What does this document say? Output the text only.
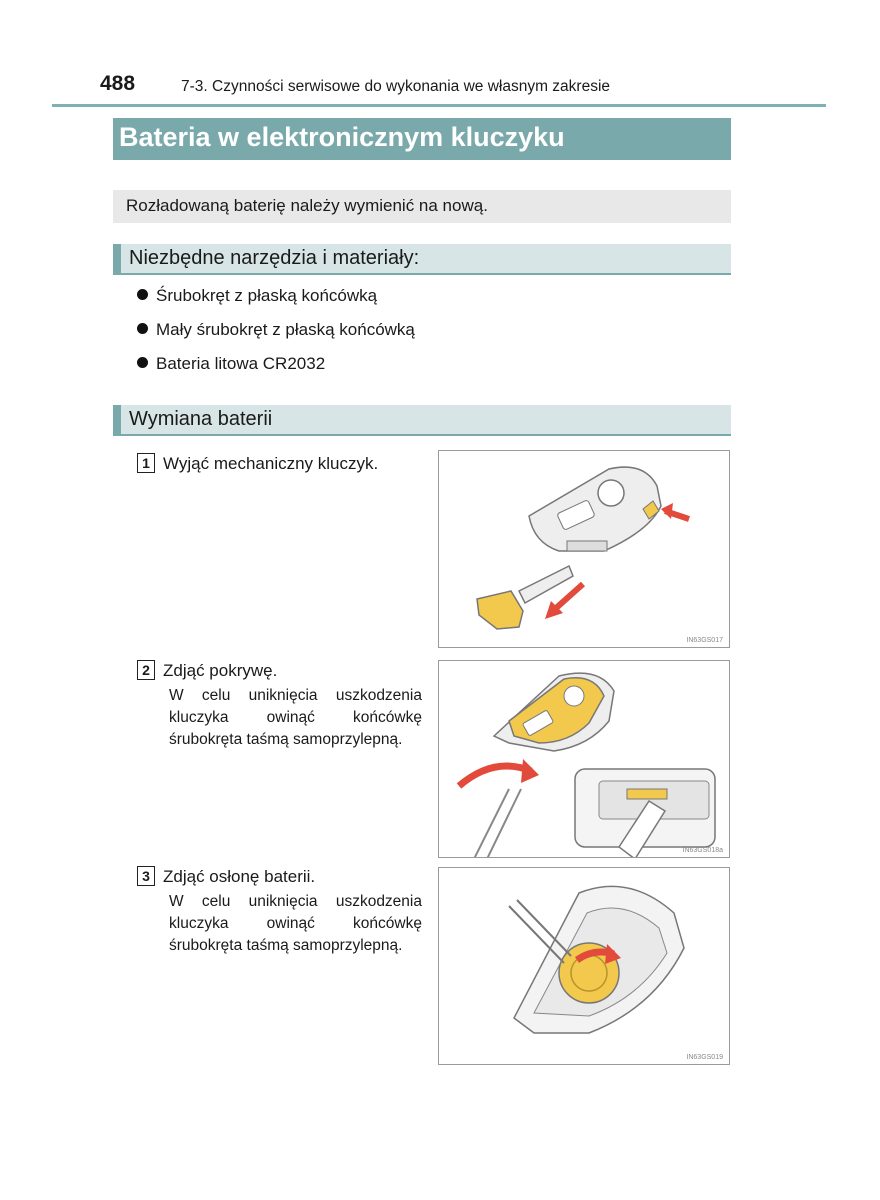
488	7-3. Czynności serwisowe do wykonania we własnym zakresie
Bateria w elektronicznym kluczyku
Rozładowaną baterię należy wymienić na nową.
Niezbędne narzędzia i materiały:
Śrubokręt z płaską końcówką
Mały śrubokręt z płaską końcówką
Bateria litowa CR2032
Wymiana baterii
1 Wyjąć mechaniczny kluczyk.
IN63GS017
2 Zdjąć pokrywę.
W celu uniknięcia uszkodzenia kluczyka owinąć końcówkę śrubokręta taśmą samoprzylepną.
IN63GS018a
3 Zdjąć osłonę baterii.
W celu uniknięcia uszkodzenia kluczyka owinąć końcówkę śrubokręta taśmą samoprzylepną.
IN63GS019
